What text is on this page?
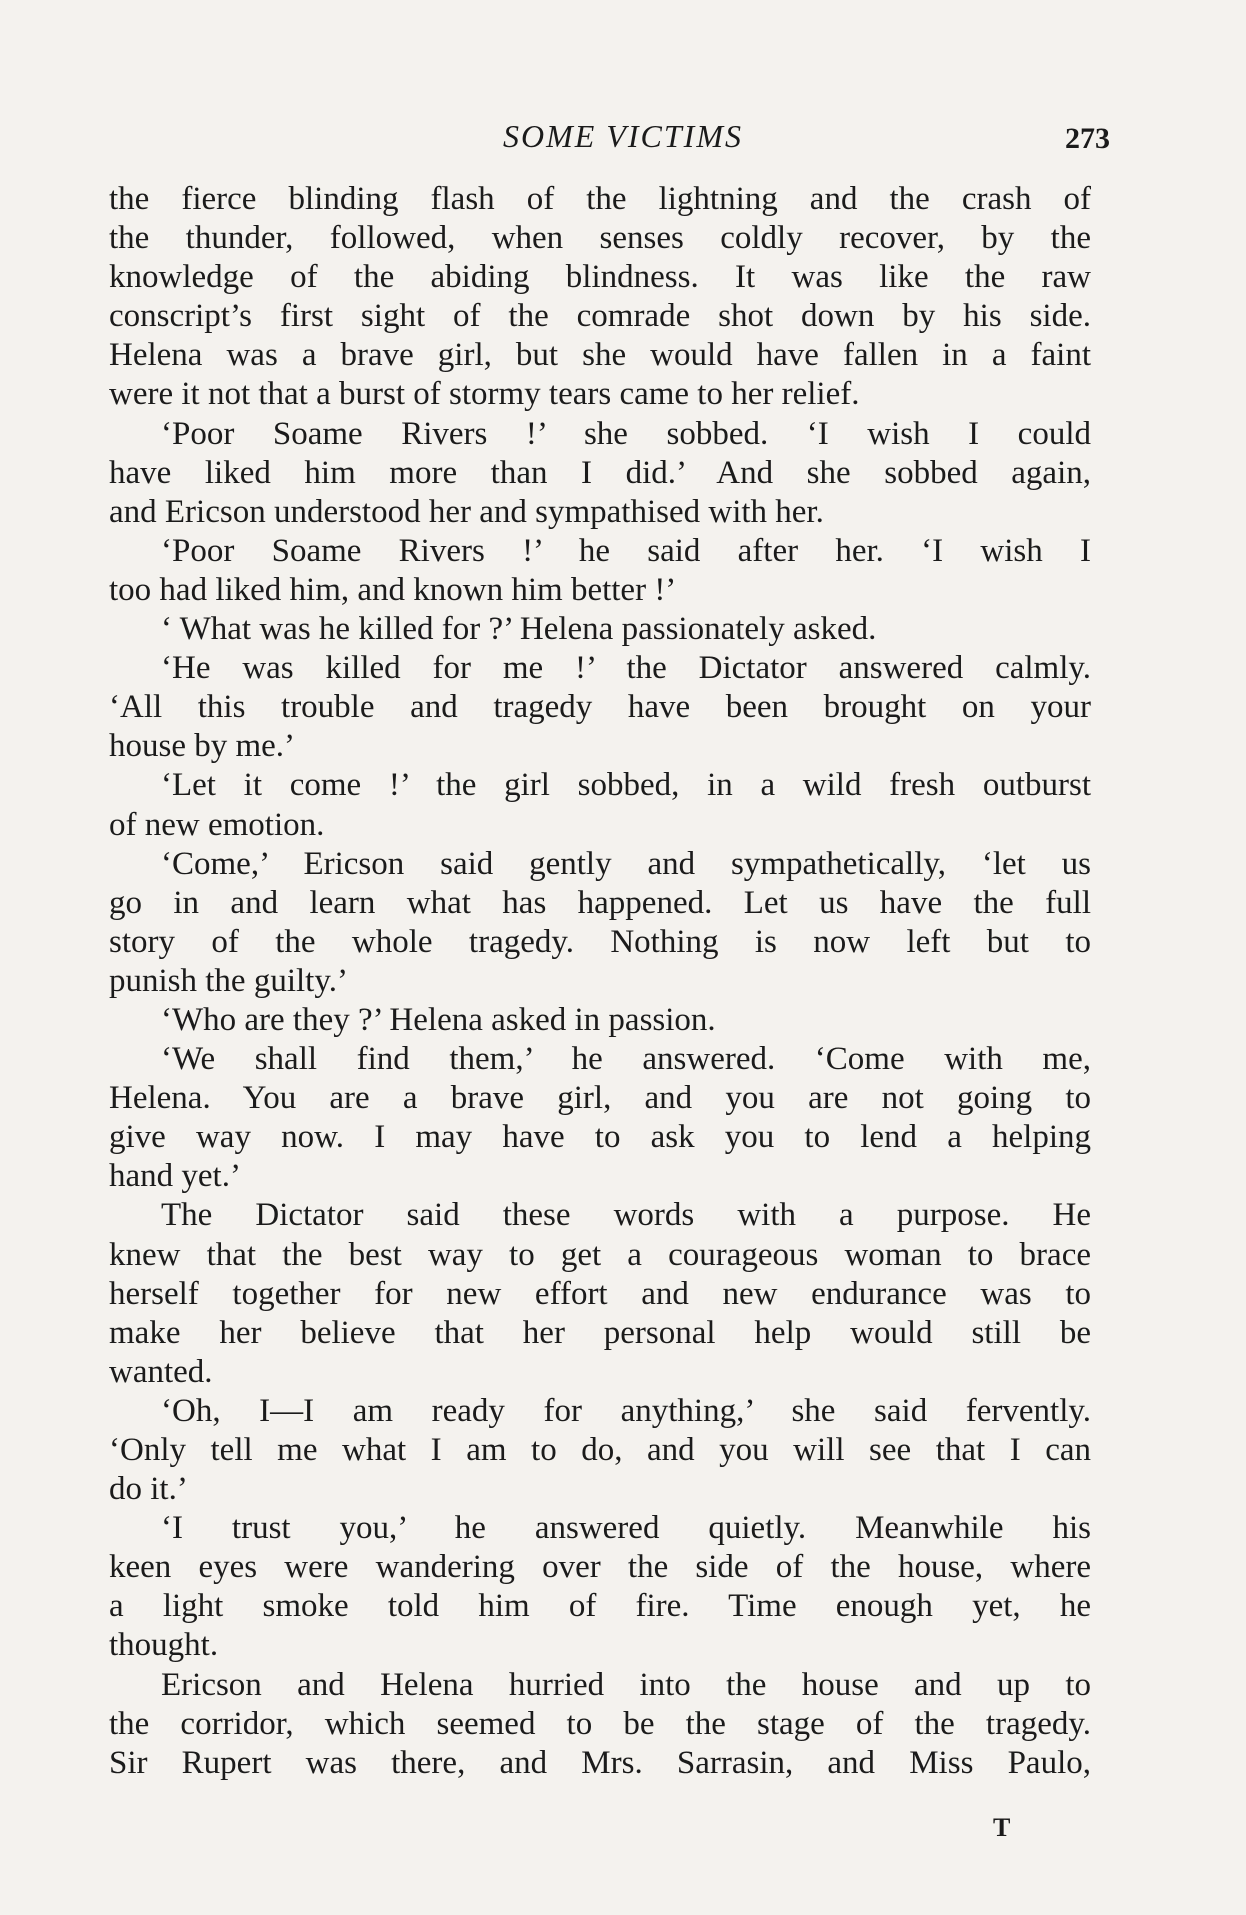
SOME VICTIMS	273
the fierce blinding flash of the lightning and the crash of
the thunder, followed, when senses coldly recover, by the
knowledge of the abiding blindness. It was like the raw
conscript’s first sight of the comrade shot down by his side.
Helena was a brave girl, but she would have fallen in a faint
were it not that a burst of stormy tears came to her relief.
‘Poor Soame Rivers !’ she sobbed. ‘I wish I could
have liked him more than I did.’ And she sobbed again,
and Ericson understood her and sympathised with her.
‘Poor Soame Rivers !’ he said after her. ‘I wish I
too had liked him, and known him better !’
‘ What was he killed for ?’ Helena passionately asked.
‘He was killed for me !’ the Dictator answered calmly.
‘All this trouble and tragedy have been brought on your
house by me.’
‘Let it come !’ the girl sobbed, in a wild fresh outburst
of new emotion.
‘Come,’ Ericson said gently and sympathetically, ‘let us
go in and learn what has happened. Let us have the full
story of the whole tragedy. Nothing is now left but to
punish the guilty.’
‘Who are they ?’ Helena asked in passion.
‘We shall find them,’ he answered. ‘Come with me,
Helena. You are a brave girl, and you are not going to
give way now. I may have to ask you to lend a helping
hand yet.’
The Dictator said these words with a purpose. He
knew that the best way to get a courageous woman to brace
herself together for new effort and new endurance was to
make her believe that her personal help would still be
wanted.
‘Oh, I—I am ready for anything,’ she said fervently.
‘Only tell me what I am to do, and you will see that I can
do it.’
‘I trust you,’ he answered quietly. Meanwhile his
keen eyes were wandering over the side of the house, where
a light smoke told him of fire. Time enough yet, he
thought.
Ericson and Helena hurried into the house and up to
the corridor, which seemed to be the stage of the tragedy.
Sir Rupert was there, and Mrs. Sarrasin, and Miss Paulo,
T
